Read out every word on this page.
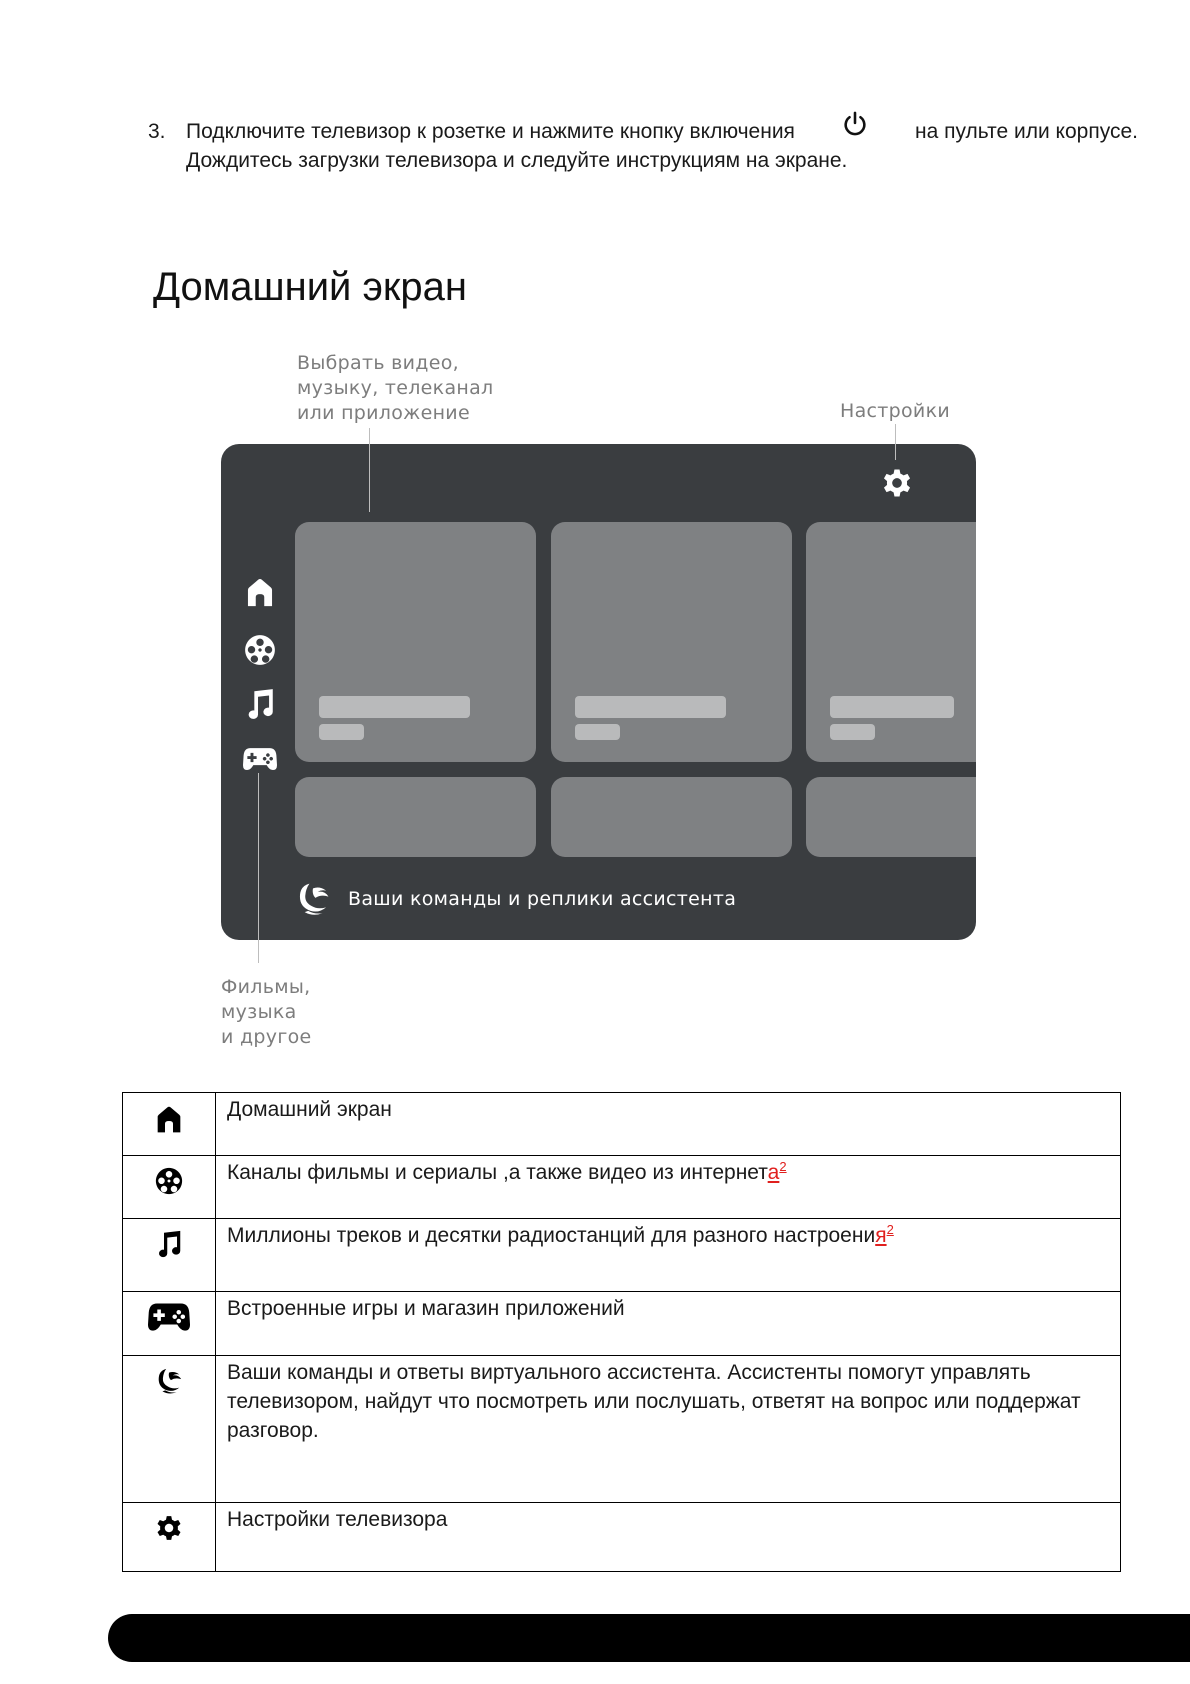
3. Подключите телевизор к розетке и нажмите кнопку включения	на пульте или корпусе.
Дождитесь загрузки телевизора и следуйте инструкциям на экране.
Домашний экран
Выбрать видео,
музыку, телеканал
или приложение	Настройки
Фильмы,
музыка
и другое
Ваши команды и реплики ассистента
	Домашний экран
	Каналы фильмы и сериалы ,а также видео из интернета$^2$
	Миллионы треков и десятки радиостанций для разного настроения$^2$
	Встроенные игры и магазин приложений
	Ваши команды и ответы виртуального ассистента. Ассистенты помогут управлять телевизором, найдут что посмотреть или послушать, ответят на вопрос или поддержат разговор.
	Настройки телевизора
